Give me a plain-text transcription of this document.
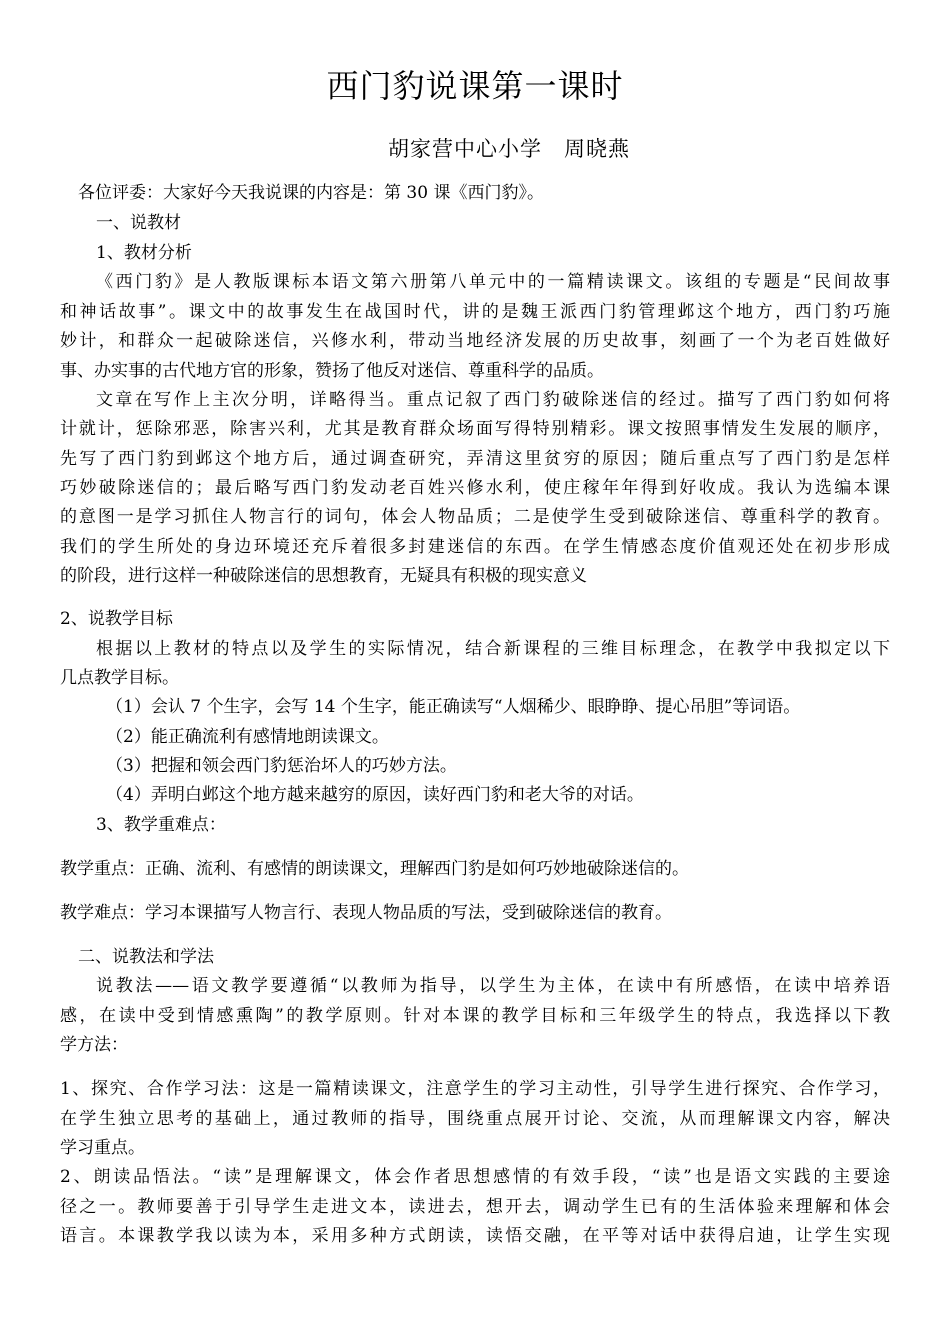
西门豹说课第一课时
胡家营中心小学　周晓燕
各位评委：大家好今天我说课的内容是：第 30 课《西门豹》。
一、说教材
1、教材分析
《西门豹》是人教版课标本语文第六册第八单元中的一篇精读课文。该组的专题是“民间故事
和神话故事”。课文中的故事发生在战国时代，讲的是魏王派西门豹管理邺这个地方，西门豹巧施
妙计，和群众一起破除迷信，兴修水利，带动当地经济发展的历史故事，刻画了一个为老百姓做好
事、办实事的古代地方官的形象，赞扬了他反对迷信、尊重科学的品质。
文章在写作上主次分明，详略得当。重点记叙了西门豹破除迷信的经过。描写了西门豹如何将
计就计，惩除邪恶，除害兴利，尤其是教育群众场面写得特别精彩。课文按照事情发生发展的顺序，
先写了西门豹到邺这个地方后，通过调查研究，弄清这里贫穷的原因；随后重点写了西门豹是怎样
巧妙破除迷信的；最后略写西门豹发动老百姓兴修水利，使庄稼年年得到好收成。我认为选编本课
的意图一是学习抓住人物言行的词句，体会人物品质；二是使学生受到破除迷信、尊重科学的教育。
我们的学生所处的身边环境还充斥着很多封建迷信的东西。在学生情感态度价值观还处在初步形成
的阶段，进行这样一种破除迷信的思想教育，无疑具有积极的现实意义
2、说教学目标
根据以上教材的特点以及学生的实际情况，结合新课程的三维目标理念，在教学中我拟定以下
几点教学目标。
（1）会认 7 个生字，会写 14 个生字，能正确读写“人烟稀少、眼睁睁、提心吊胆”等词语。
（2）能正确流利有感情地朗读课文。
（3）把握和领会西门豹惩治坏人的巧妙方法。
（4）弄明白邺这个地方越来越穷的原因，读好西门豹和老大爷的对话。
3、教学重难点：
教学重点：正确、流利、有感情的朗读课文，理解西门豹是如何巧妙地破除迷信的。
教学难点：学习本课描写人物言行、表现人物品质的写法，受到破除迷信的教育。
二、说教法和学法
说教法——语文教学要遵循“以教师为指导，以学生为主体，在读中有所感悟，在读中培养语
感，在读中受到情感熏陶”的教学原则。针对本课的教学目标和三年级学生的特点，我选择以下教
学方法：
1、探究、合作学习法：这是一篇精读课文，注意学生的学习主动性，引导学生进行探究、合作学习，
在学生独立思考的基础上，通过教师的指导，围绕重点展开讨论、交流，从而理解课文内容，解决
学习重点。
2、朗读品悟法。“读”是理解课文，体会作者思想感情的有效手段，“读”也是语文实践的主要途
径之一。教师要善于引导学生走进文本，读进去，想开去，调动学生已有的生活体验来理解和体会
语言。本课教学我以读为本，采用多种方式朗读，读悟交融，在平等对话中获得启迪，让学生实现
